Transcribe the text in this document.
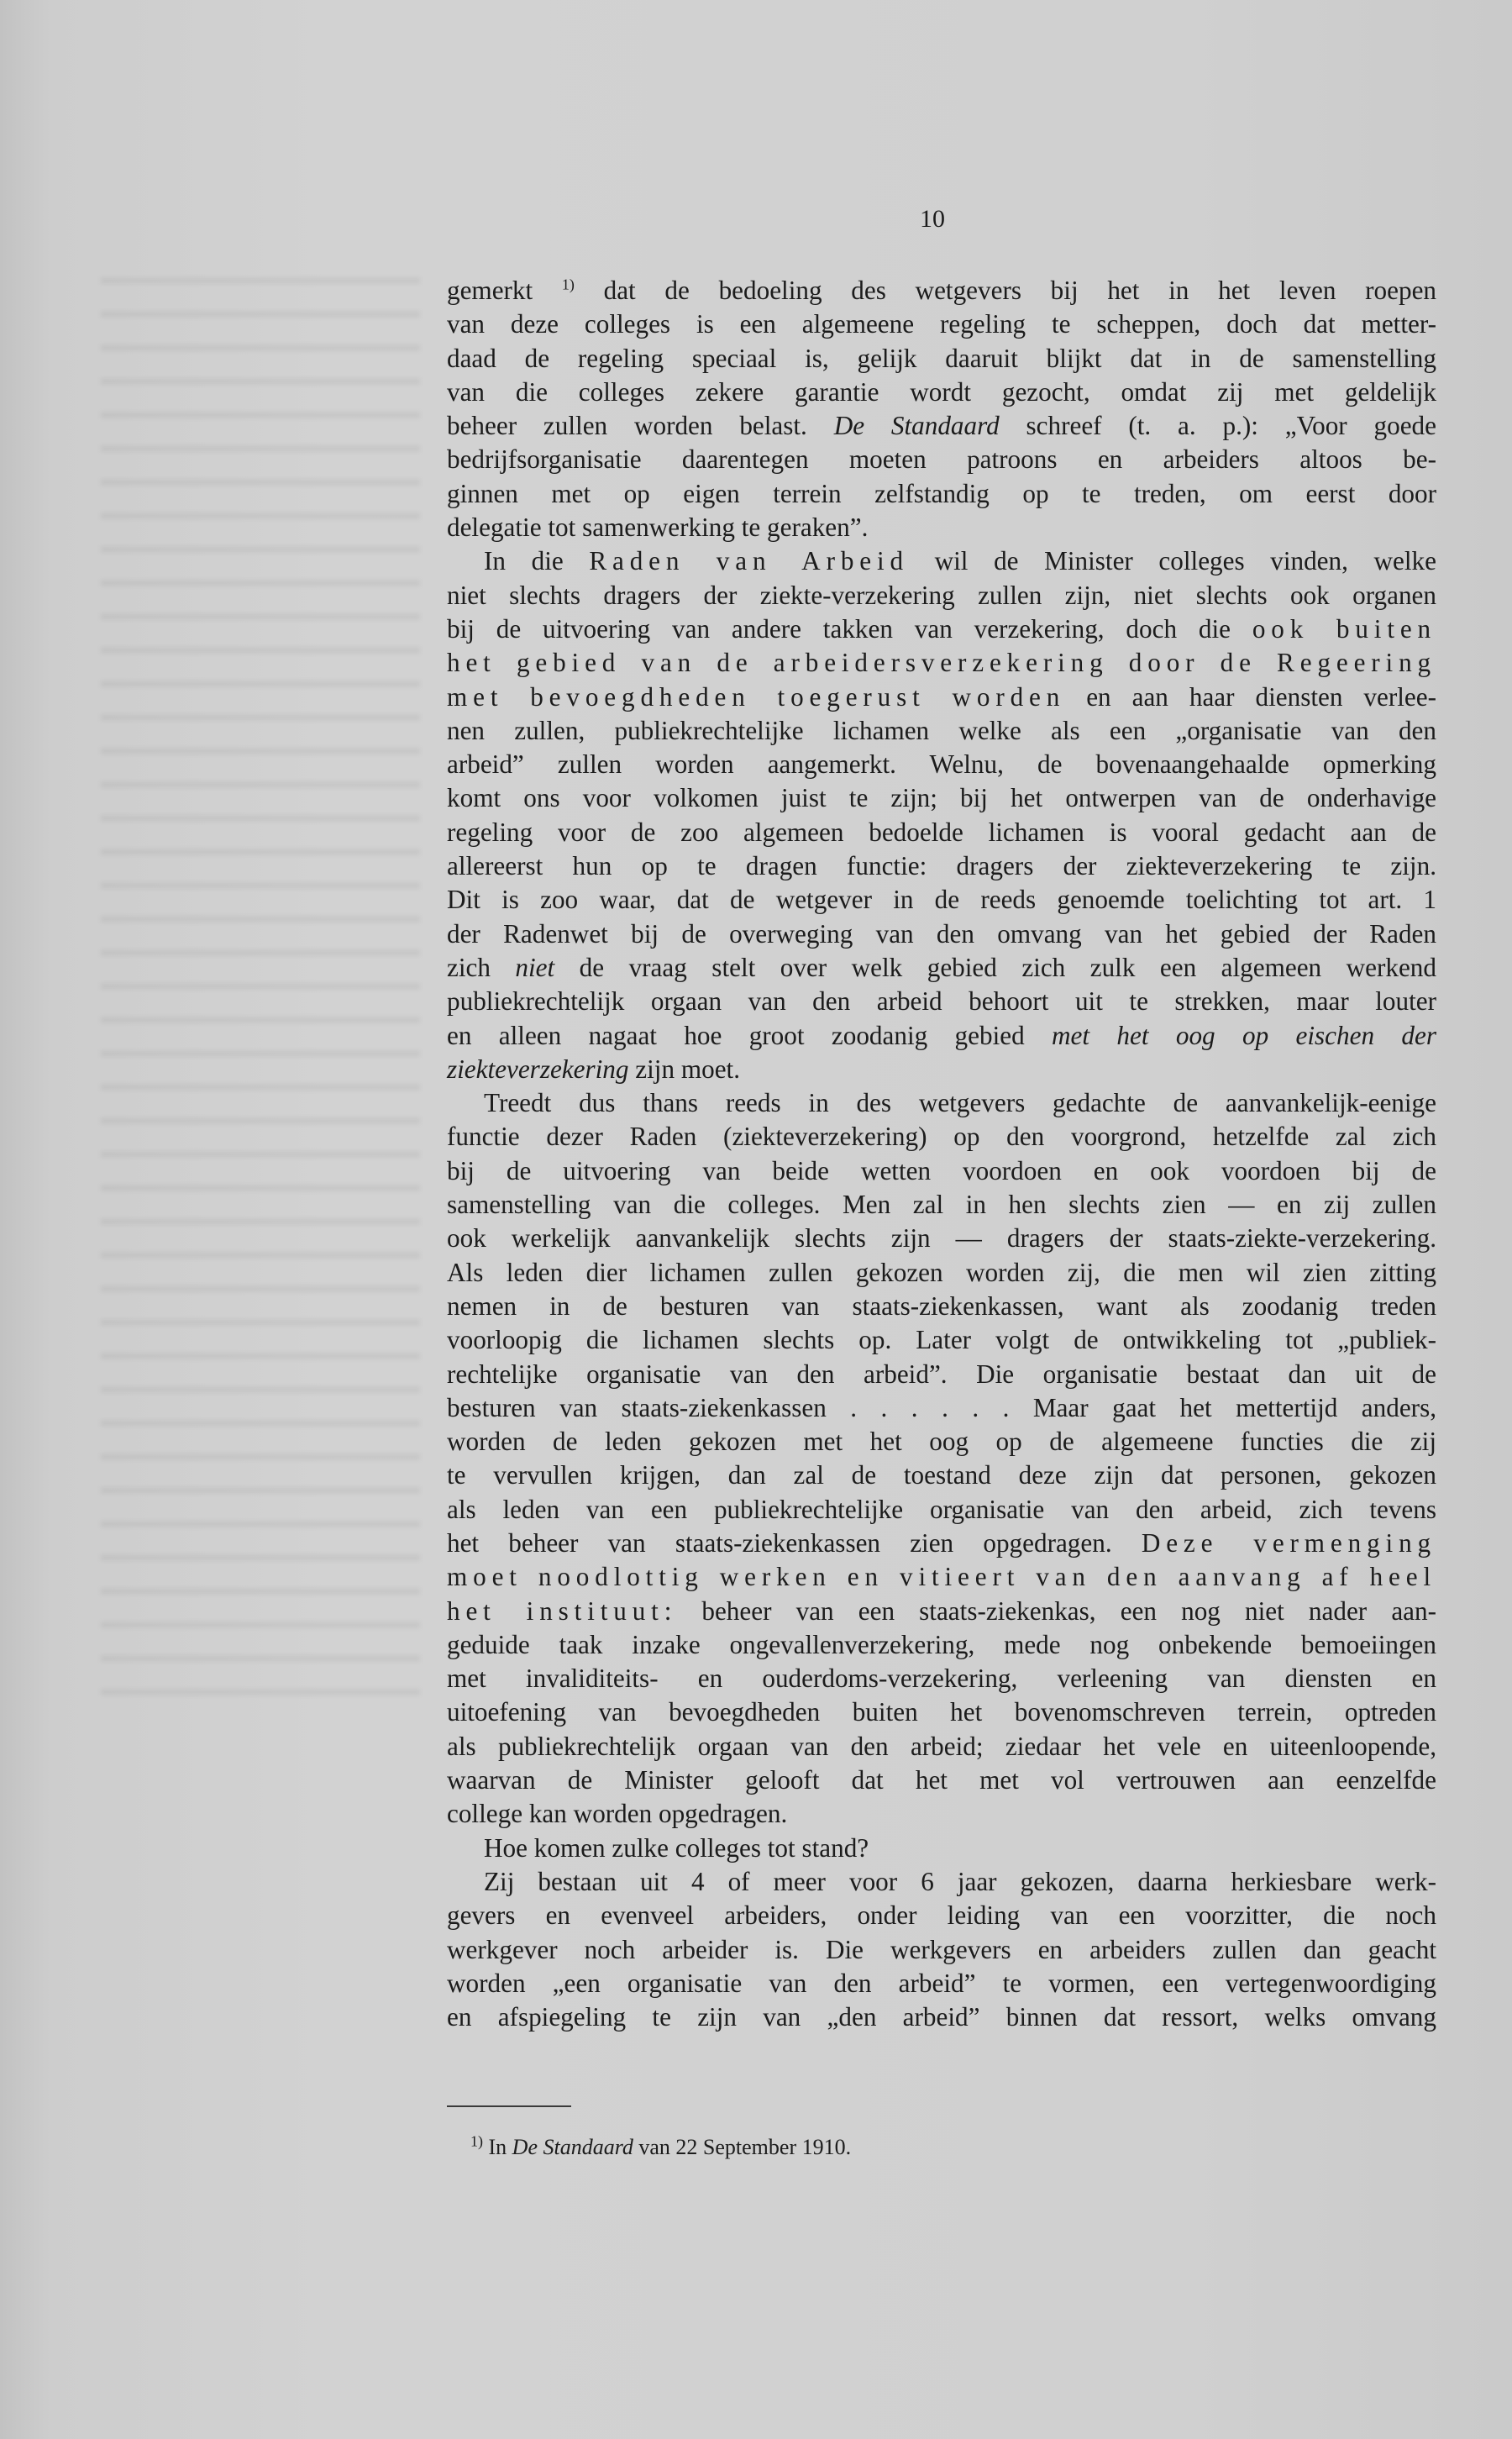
10
gemerkt $^{1)}$ dat de bedoeling des wetgevers bij het in het leven roepen
van deze colleges is een algemeene regeling te scheppen, doch dat metter-
daad de regeling speciaal is, gelijk daaruit blijkt dat in de samenstelling
van die colleges zekere garantie wordt gezocht, omdat zij met geldelijk
beheer zullen worden belast. De Standaard schreef (t. a. p.): „Voor goede
bedrijfsorganisatie daarentegen moeten patroons en arbeiders altoos be-
ginnen met op eigen terrein zelfstandig op te treden, om eerst door
delegatie tot samenwerking te geraken”.
In die Raden van Arbeid wil de Minister colleges vinden, welke
niet slechts dragers der ziekte-verzekering zullen zijn, niet slechts ook organen
bij de uitvoering van andere takken van verzekering, doch die ook buiten
het gebied van de arbeidersverzekering door de Regeering
met bevoegdheden toegerust worden en aan haar diensten verlee-
nen zullen, publiekrechtelijke lichamen welke als een „organisatie van den
arbeid” zullen worden aangemerkt. Welnu, de bovenaangehaalde opmerking
komt ons voor volkomen juist te zijn; bij het ontwerpen van de onderhavige
regeling voor de zoo algemeen bedoelde lichamen is vooral gedacht aan de
allereerst hun op te dragen functie: dragers der ziekteverzekering te zijn.
Dit is zoo waar, dat de wetgever in de reeds genoemde toelichting tot art. 1
der Radenwet bij de overweging van den omvang van het gebied der Raden
zich niet de vraag stelt over welk gebied zich zulk een algemeen werkend
publiekrechtelijk orgaan van den arbeid behoort uit te strekken, maar louter
en alleen nagaat hoe groot zoodanig gebied met het oog op eischen der
ziekteverzekering zijn moet.
Treedt dus thans reeds in des wetgevers gedachte de aanvankelijk-eenige
functie dezer Raden (ziekteverzekering) op den voorgrond, hetzelfde zal zich
bij de uitvoering van beide wetten voordoen en ook voordoen bij de
samenstelling van die colleges. Men zal in hen slechts zien — en zij zullen
ook werkelijk aanvankelijk slechts zijn — dragers der staats-ziekte-verzekering.
Als leden dier lichamen zullen gekozen worden zij, die men wil zien zitting
nemen in de besturen van staats-ziekenkassen, want als zoodanig treden
voorloopig die lichamen slechts op. Later volgt de ontwikkeling tot „publiek-
rechtelijke organisatie van den arbeid”. Die organisatie bestaat dan uit de
besturen van staats-ziekenkassen . . . . . . Maar gaat het mettertijd anders,
worden de leden gekozen met het oog op de algemeene functies die zij
te vervullen krijgen, dan zal de toestand deze zijn dat personen, gekozen
als leden van een publiekrechtelijke organisatie van den arbeid, zich tevens
het beheer van staats-ziekenkassen zien opgedragen. Deze vermenging
moet noodlottig werken en vitieert van den aanvang af heel
het instituut: beheer van een staats-ziekenkas, een nog niet nader aan-
geduide taak inzake ongevallenverzekering, mede nog onbekende bemoeiingen
met invaliditeits- en ouderdoms-verzekering, verleening van diensten en
uitoefening van bevoegdheden buiten het bovenomschreven terrein, optreden
als publiekrechtelijk orgaan van den arbeid; ziedaar het vele en uiteenloopende,
waarvan de Minister gelooft dat het met vol vertrouwen aan eenzelfde
college kan worden opgedragen.
Hoe komen zulke colleges tot stand?
Zij bestaan uit 4 of meer voor 6 jaar gekozen, daarna herkiesbare werk-
gevers en evenveel arbeiders, onder leiding van een voorzitter, die noch
werkgever noch arbeider is. Die werkgevers en arbeiders zullen dan geacht
worden „een organisatie van den arbeid” te vormen, een vertegenwoordiging
en afspiegeling te zijn van „den arbeid” binnen dat ressort, welks omvang
$^{1)}$ In De Standaard van 22 September 1910.
